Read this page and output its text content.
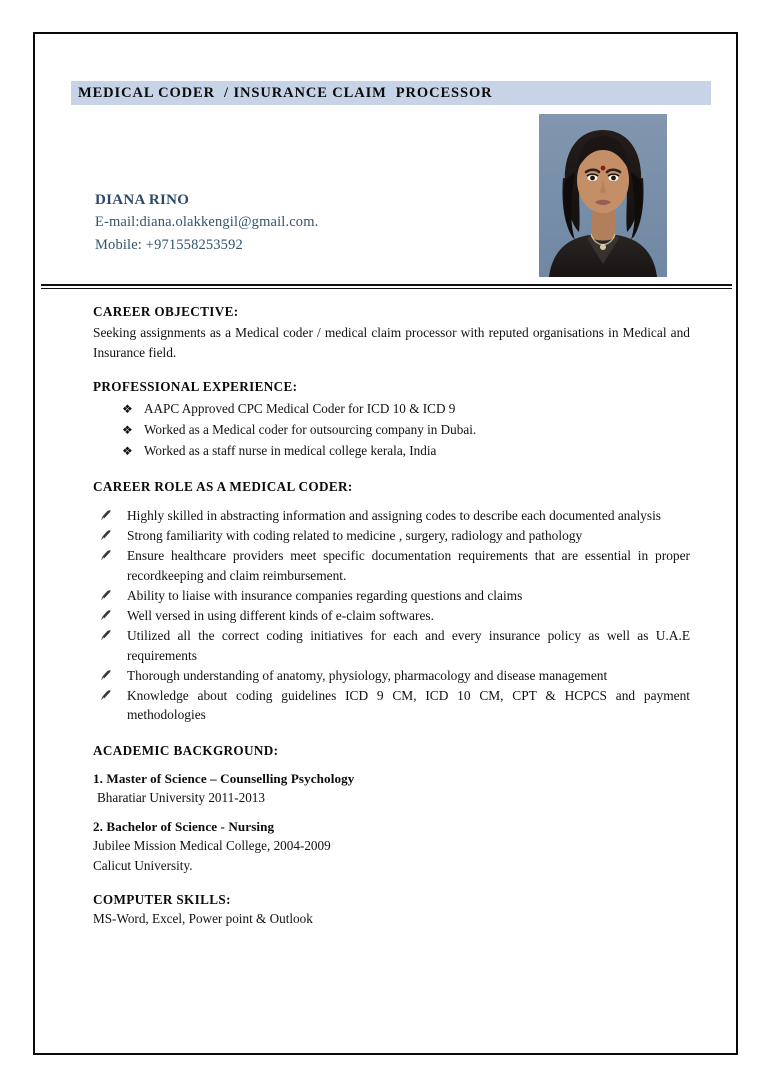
MEDICAL CODER  / INSURANCE CLAIM  PROCESSOR
DIANA RINO
E-mail:diana.olakkengil@gmail.com.
Mobile: +971558253592

CAREER OBJECTIVE:

Seeking assignments as a Medical coder / medical claim processor with reputed organisations in Medical and Insurance field.

PROFESSIONAL EXPERIENCE:

❖ AAPC Approved CPC Medical Coder for ICD 10 & ICD 9
❖ Worked as a Medical coder for outsourcing company in Dubai.
❖ Worked as a staff nurse in medical college kerala, India

CAREER ROLE AS A MEDICAL CODER:

Highly skilled in abstracting information and assigning codes to describe each documented analysis
Strong familiarity with coding related to medicine , surgery, radiology and pathology
Ensure healthcare providers meet specific documentation requirements that are essential in proper recordkeeping and claim reimbursement.
Ability to liaise with insurance companies regarding questions and claims
Well versed in using different kinds of e-claim softwares.
Utilized all the correct coding initiatives for each and every insurance policy as well as U.A.E requirements
Thorough understanding of anatomy, physiology, pharmacology and disease management
Knowledge about coding guidelines ICD 9 CM, ICD 10 CM, CPT & HCPCS and payment methodologies

ACADEMIC BACKGROUND:

1. Master of Science – Counselling Psychology

Bharatiar University 2011-2013

2. Bachelor of Science - Nursing

Jubilee Mission Medical College, 2004-2009

Calicut University.

COMPUTER SKILLS:

MS-Word, Excel, Power point & Outlook
